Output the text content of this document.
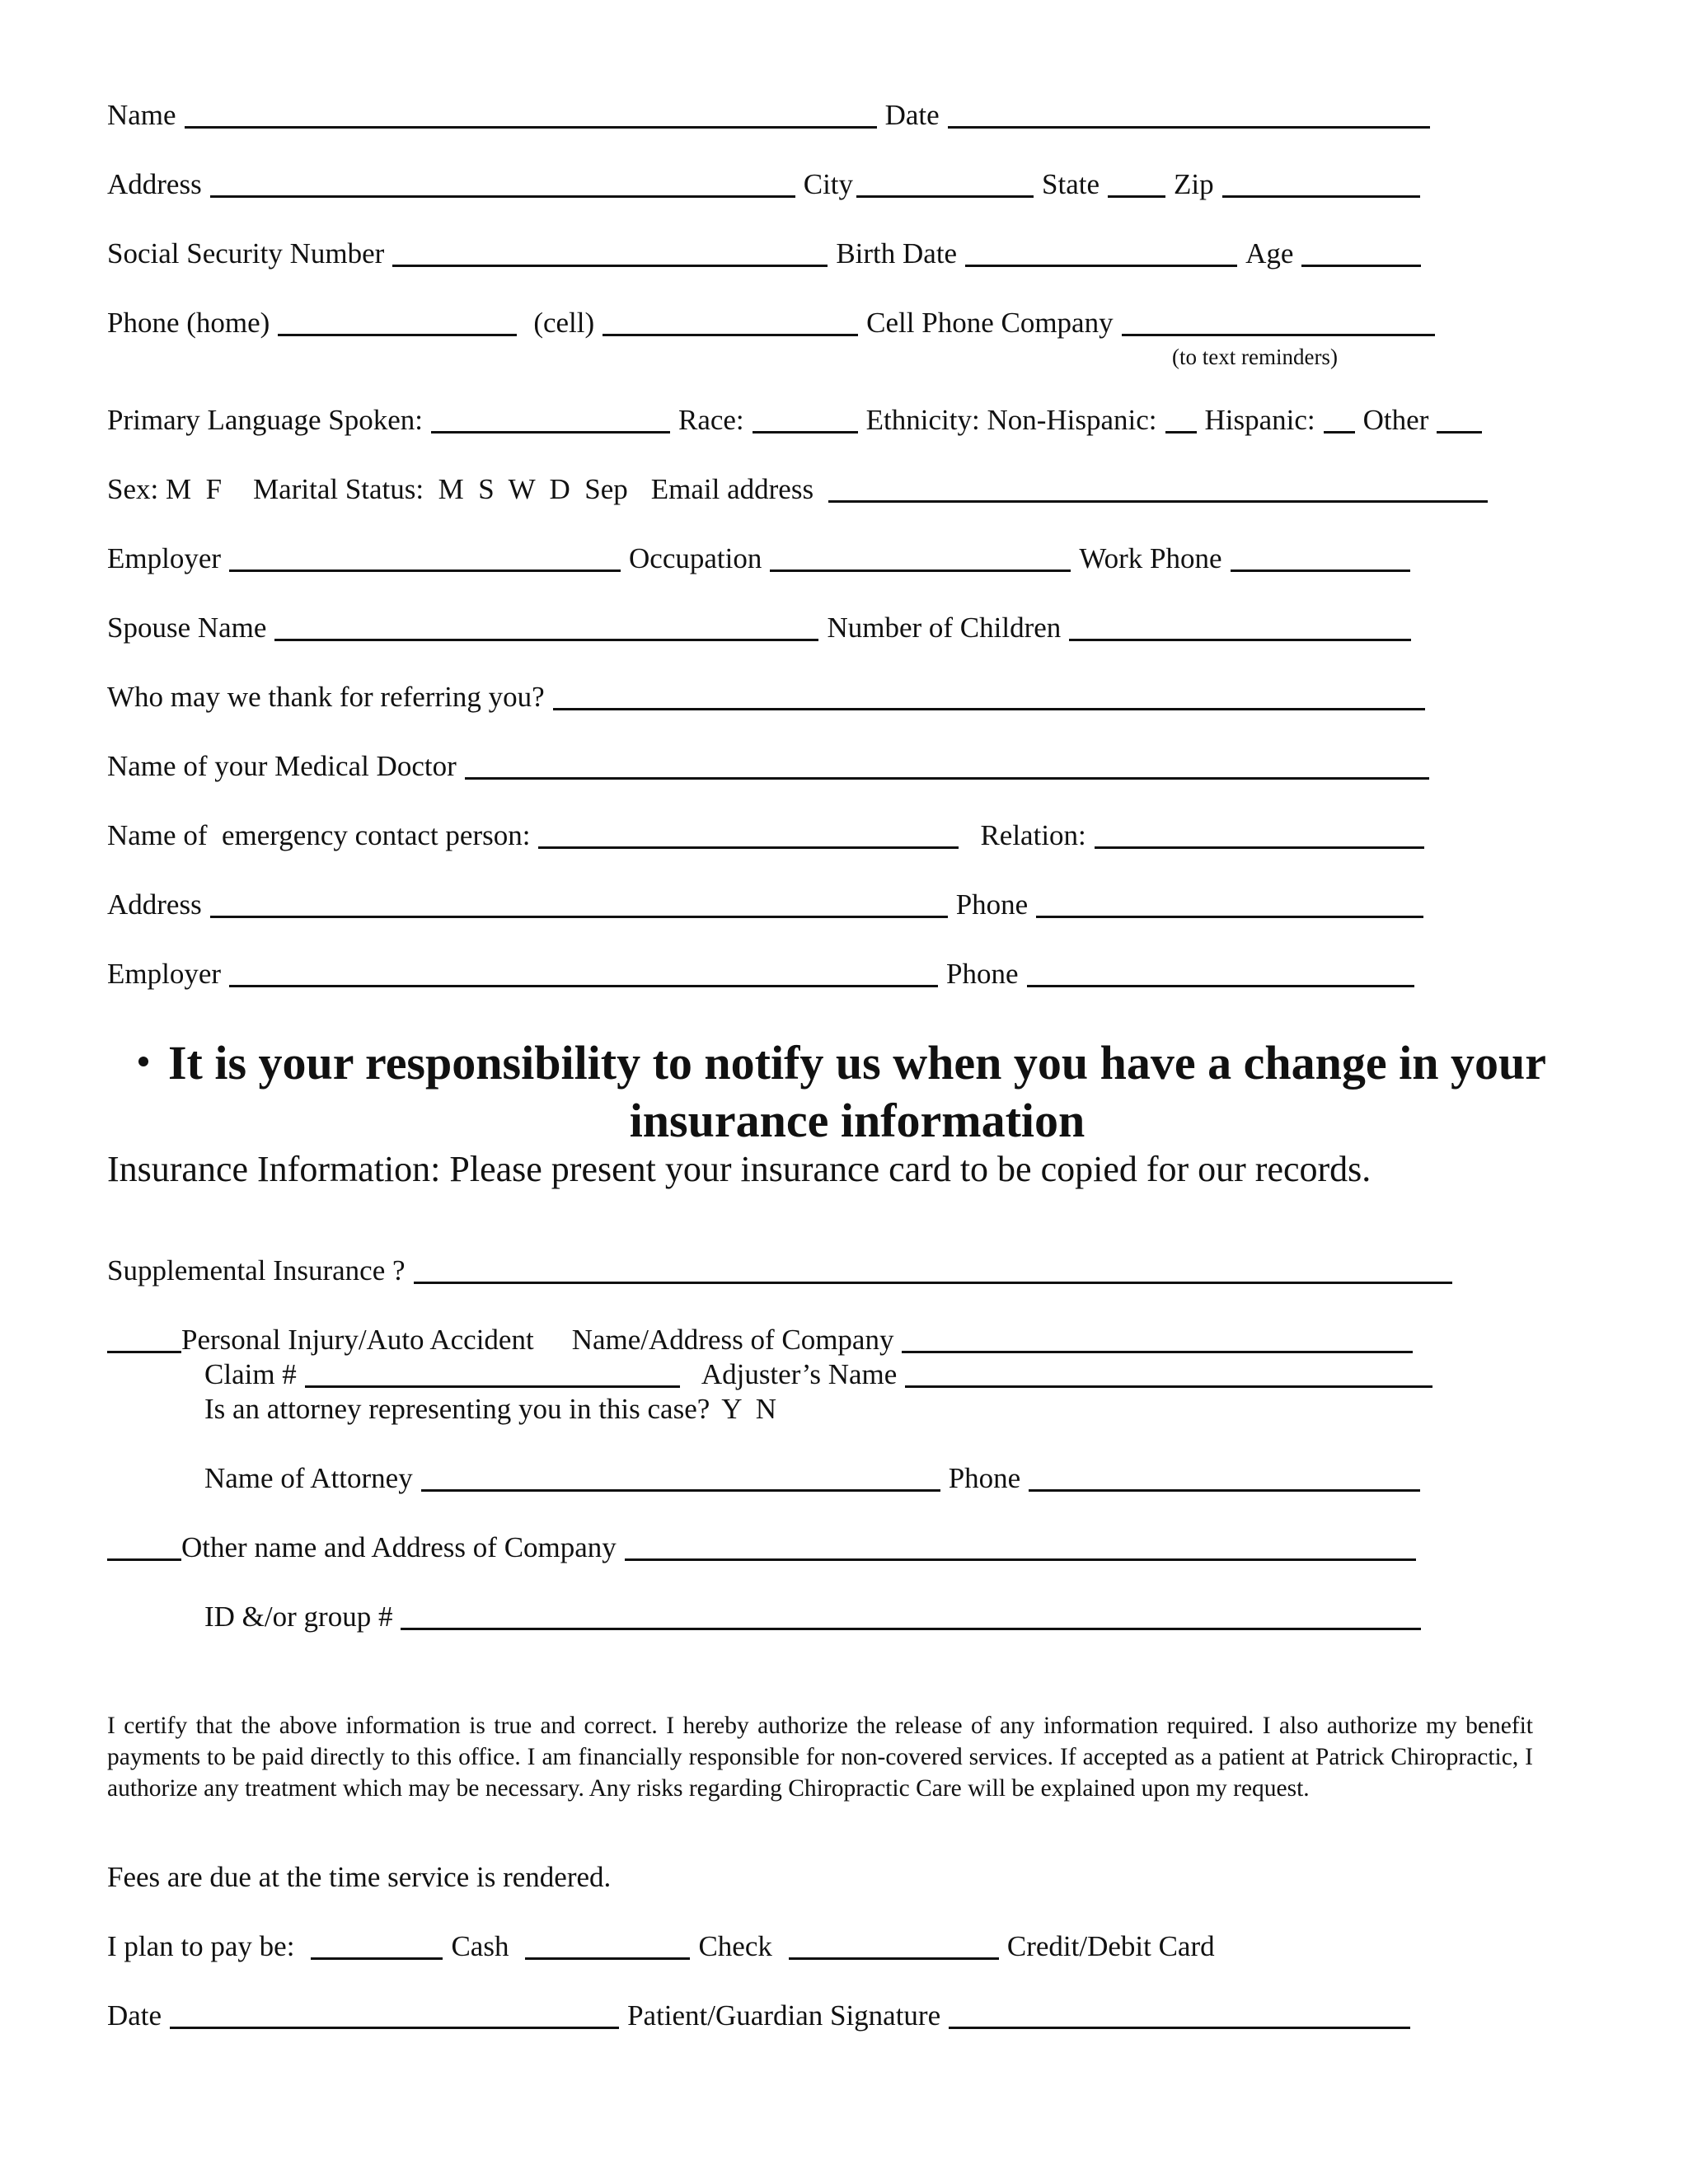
Name	Date
Address	City	State	Zip
Social Security Number	Birth Date	Age
Phone (home)	(cell)	Cell Phone Company
(to text reminders)
Primary Language Spoken:	Race:	Ethnicity: Non-Hispanic: Hispanic: Other
Sex: M  F Marital Status:  M  S  W  D  Sep Email address
Employer	Occupation	Work Phone
Spouse Name	Number of Children
Who may we thank for referring you?
Name of your Medical Doctor
Name of  emergency contact person:	Relation:
Address	Phone
Employer	Phone
It is your responsibility to notify us when you have a change in your insurance information
Insurance Information: Please present your insurance card to be copied for our records.
Supplemental Insurance ?
Personal Injury/Auto Accident Name/Address of Company
Claim #	Adjuster’s Name
Is an attorney representing you in this case? Y  N
Name of Attorney	Phone
Other name and Address of Company
ID &/or group #
I certify that the above information is true and correct. I hereby authorize the release of any information required. I also authorize my benefit payments to be paid directly to this office. I am financially responsible for non-covered services. If accepted as a patient at Patrick Chiropractic, I authorize any treatment which may be necessary. Any risks regarding Chiropractic Care will be explained upon my request.
Fees are due at the time service is rendered.
I plan to pay be:	Cash	Check	Credit/Debit Card
Date	Patient/Guardian Signature
